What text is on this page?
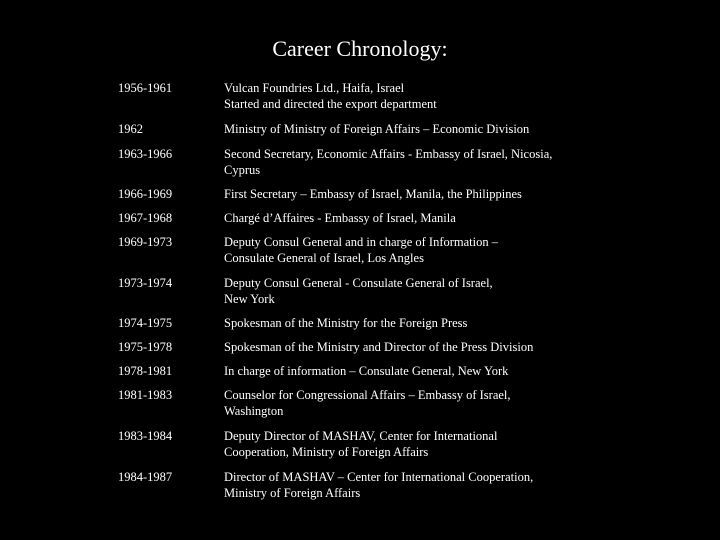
Career Chronology:
1956-1961	Vulcan Foundries Ltd., Haifa, Israel
Started and directed the export department
1962	Ministry of Ministry of Foreign Affairs – Economic Division
1963-1966	Second Secretary, Economic Affairs - Embassy of Israel, Nicosia,
Cyprus
1966-1969	First Secretary – Embassy of Israel, Manila, the Philippines
1967-1968	Chargé d’Affaires - Embassy of Israel, Manila
1969-1973	Deputy Consul General and in charge of Information –
Consulate General of Israel, Los Angles
1973-1974	Deputy Consul General - Consulate General of Israel,
New York
1974-1975	Spokesman of the Ministry for the Foreign Press
1975-1978	Spokesman of the Ministry and Director of the Press Division
1978-1981	In charge of information – Consulate General, New York
1981-1983	Counselor for Congressional Affairs – Embassy of Israel,
Washington
1983-1984	Deputy Director of MASHAV, Center for International
Cooperation, Ministry of Foreign Affairs
1984-1987	Director of MASHAV – Center for International Cooperation,
Ministry of Foreign Affairs
